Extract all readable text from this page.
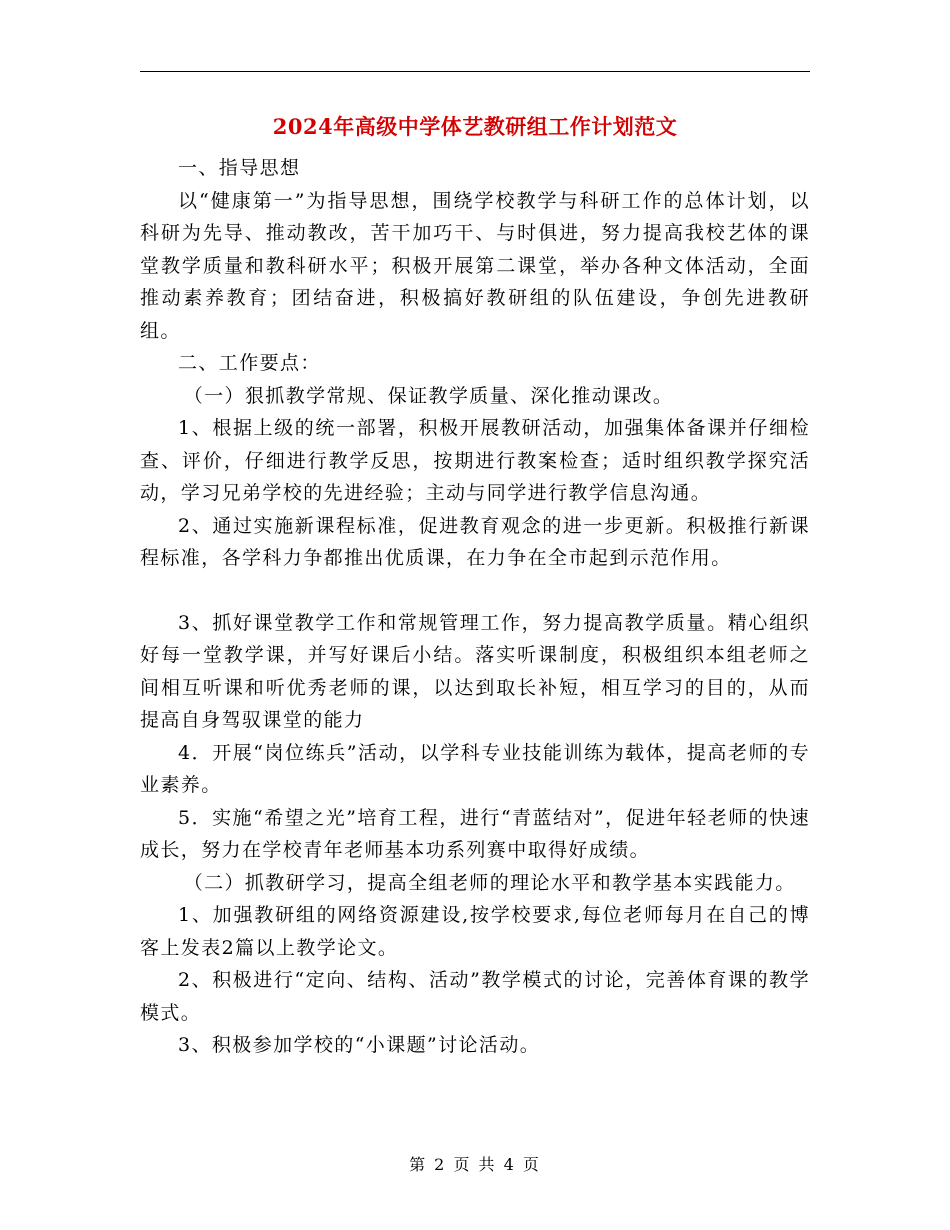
2024年高级中学体艺教研组工作计划范文

一、指导思想

以“健康第一”为指导思想，围绕学校教学与科研工作的总体计划，以科研为先导、推动教改，苦干加巧干、与时俱进，努力提高我校艺体的课堂教学质量和教科研水平；积极开展第二课堂，举办各种文体活动，全面推动素养教育；团结奋进，积极搞好教研组的队伍建设，争创先进教研组。

二、工作要点：

（一）狠抓教学常规、保证教学质量、深化推动课改。

1、根据上级的统一部署，积极开展教研活动，加强集体备课并仔细检查、评价，仔细进行教学反思，按期进行教案检查；适时组织教学探究活动，学习兄弟学校的先进经验；主动与同学进行教学信息沟通。

2、通过实施新课程标准，促进教育观念的进一步更新。积极推行新课程标准，各学科力争都推出优质课，在力争在全市起到示范作用。

3、抓好课堂教学工作和常规管理工作，努力提高教学质量。精心组织好每一堂教学课，并写好课后小结。落实听课制度，积极组织本组老师之间相互听课和听优秀老师的课，以达到取长补短，相互学习的目的，从而提高自身驾驭课堂的能力

4．开展“岗位练兵”活动，以学科专业技能训练为载体，提高老师的专业素养。

5．实施“希望之光”培育工程，进行“青蓝结对”，促进年轻老师的快速成长，努力在学校青年老师基本功系列赛中取得好成绩。

（二）抓教研学习，提高全组老师的理论水平和教学基本实践能力。

1、加强教研组的网络资源建设,按学校要求,每位老师每月在自己的博客上发表2篇以上教学论文。

2、积极进行“定向、结构、活动”教学模式的讨论，完善体育课的教学模式。

3、积极参加学校的“小课题”讨论活动。

第 2 页 共 4 页
